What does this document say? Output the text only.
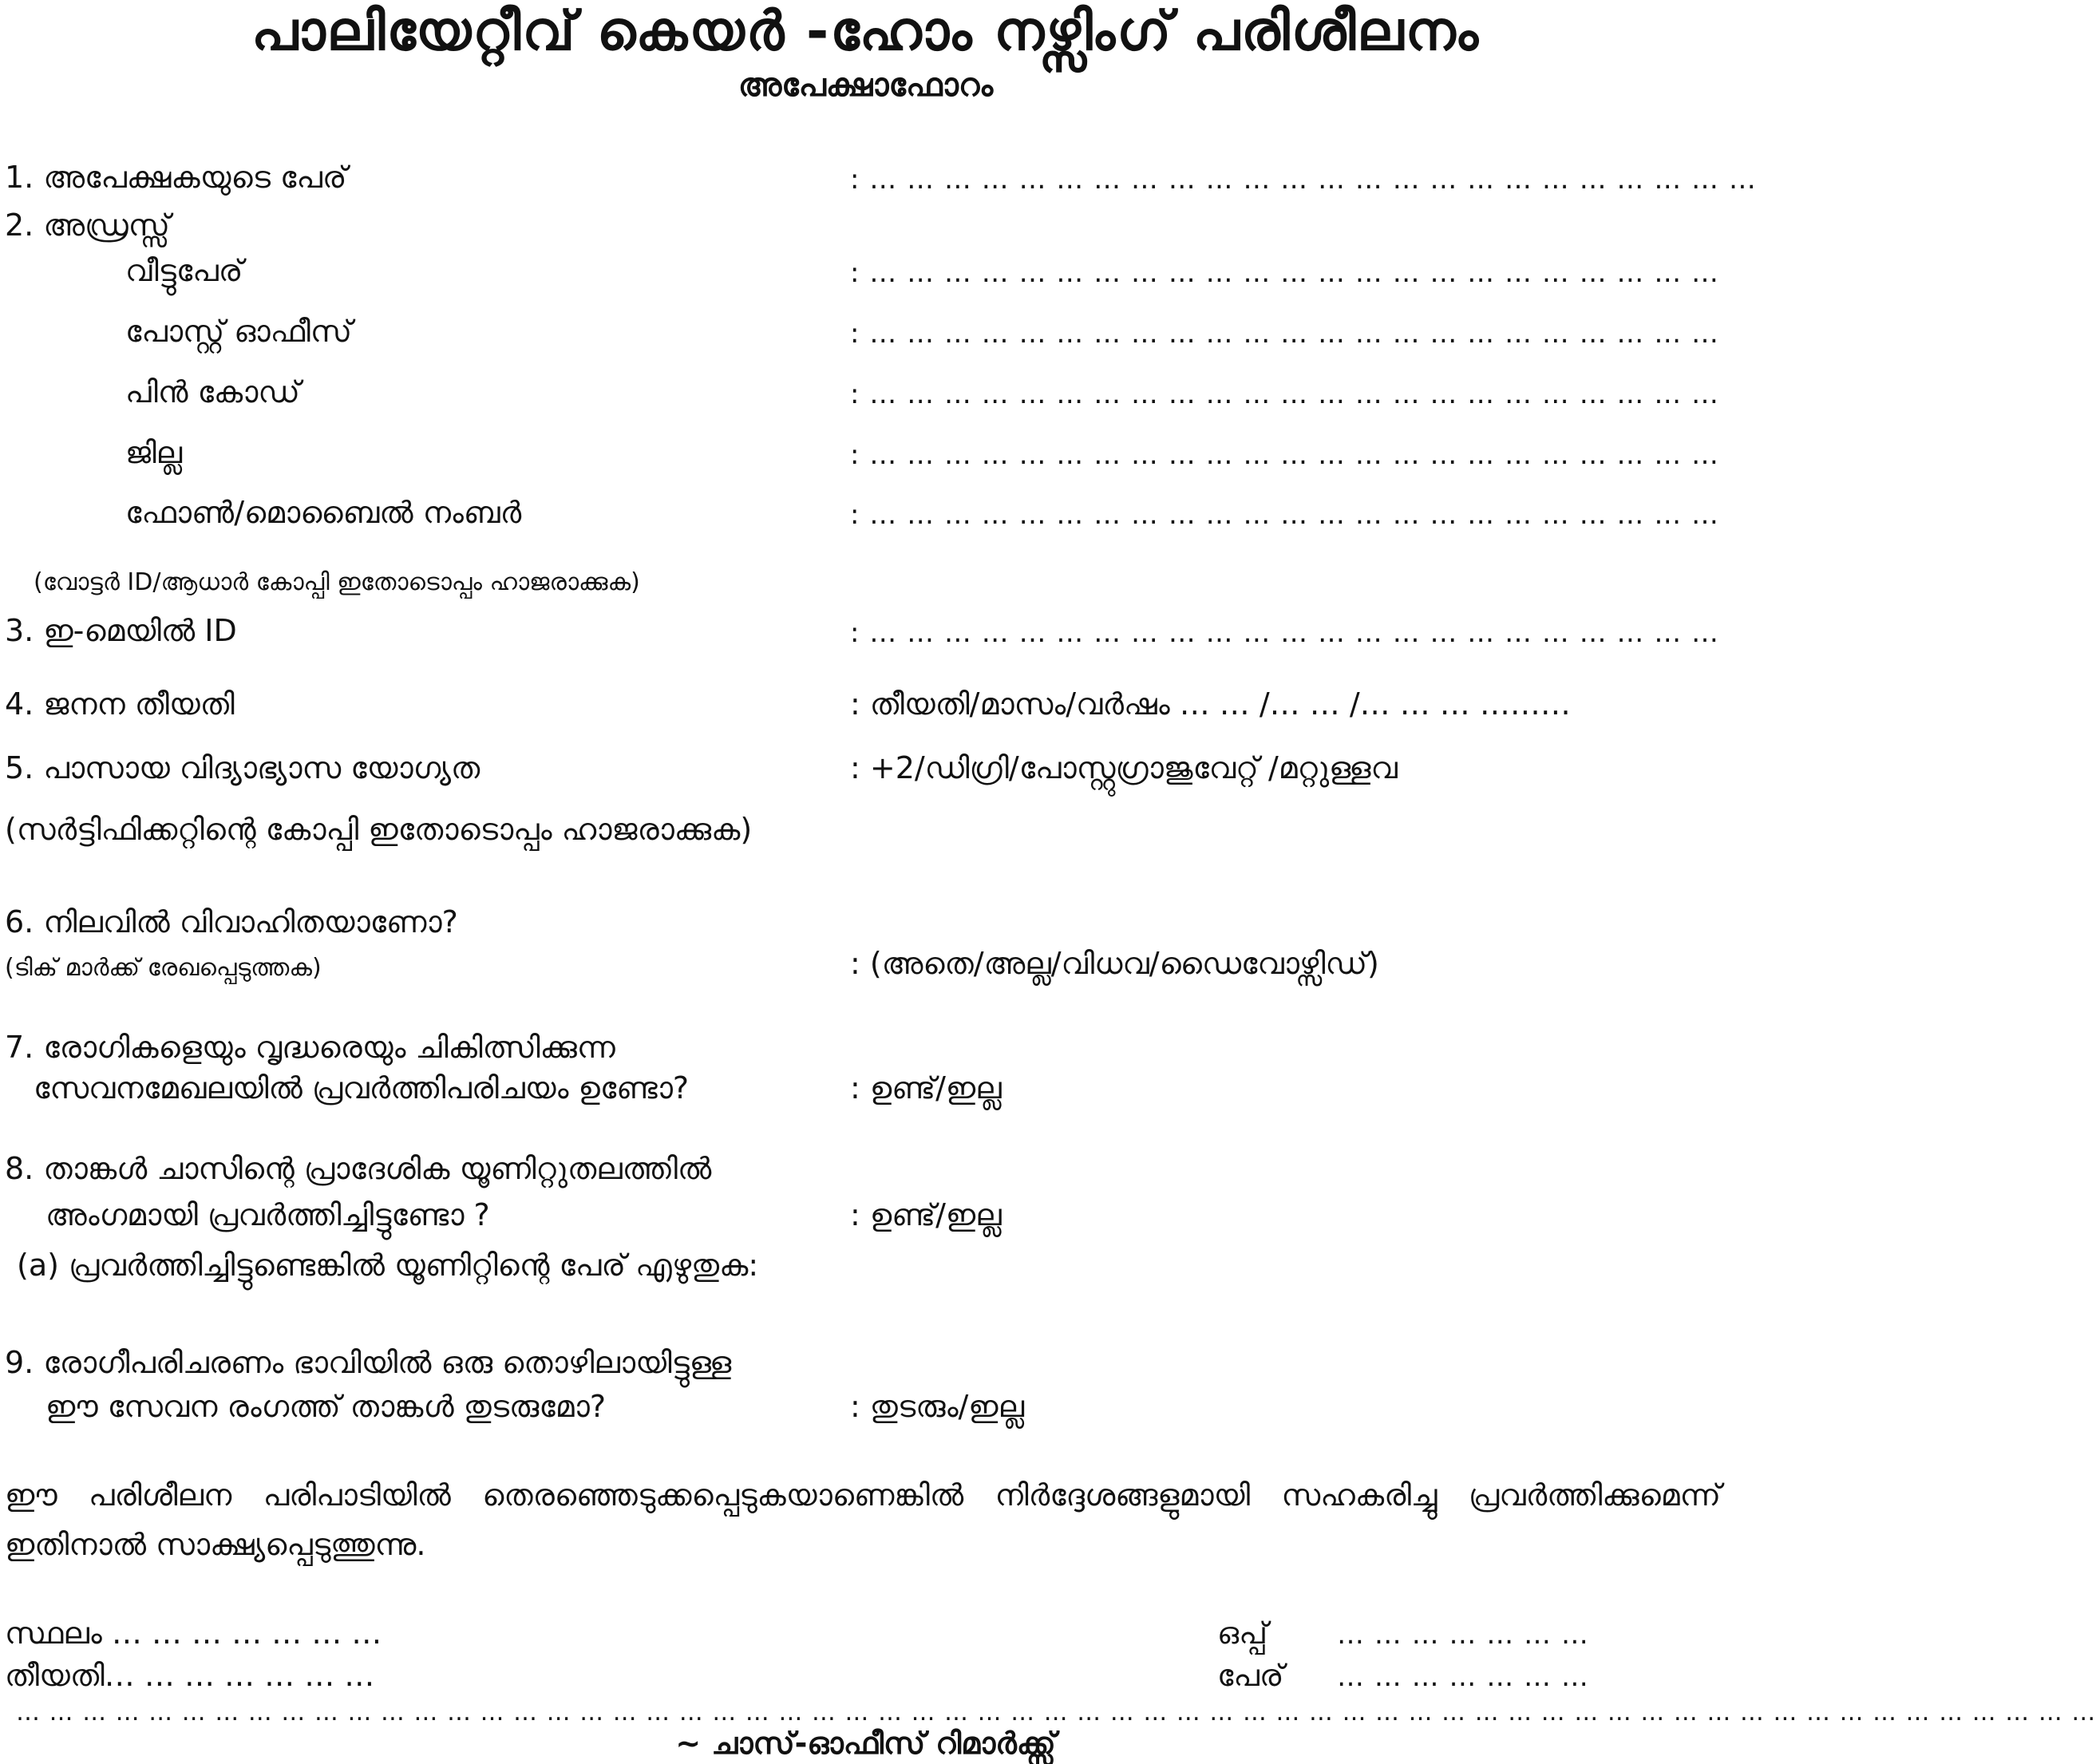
പാലിയേറ്റീവ് കെയർ -ഹോം നഴ്സിംഗ് പരിശീലനം
അപേക്ഷാഫോറം
1. അപേക്ഷകയുടെ പേര്	: … … … … … … … … … … … … … … … … … … … … … … … …
2. അഡ്രസ്സ്
വീട്ടുപേര്	: … … … … … … … … … … … … … … … … … … … … … … …
പോസ്റ്റ് ഓഫീസ്	: … … … … … … … … … … … … … … … … … … … … … … …
പിൻ കോഡ്	: … … … … … … … … … … … … … … … … … … … … … … …
ജില്ല	: … … … … … … … … … … … … … … … … … … … … … … …
ഫോൺ/മൊബൈൽ നംബർ	: … … … … … … … … … … … … … … … … … … … … … … …
(വോട്ടർ ID/ആധാർ കോപ്പി ഇതോടൊപ്പം ഹാജരാക്കുക)
3. ഇ-മെയിൽ ID	: … … … … … … … … … … … … … … … … … … … … … … …
4. ജനന തീയതി	: തീയതി/മാസം/വർഷം … … /… … /… … … ………
5. പാസായ വിദ്യാഭ്യാസ യോഗ്യത	: +2/ഡിഗ്രി/പോസ്റ്റുഗ്രാജുവേറ്റ് /മറ്റുള്ളവ
(സർട്ടിഫിക്കറ്റിന്റെ കോപ്പി ഇതോടൊപ്പം ഹാജരാക്കുക)
6. നിലവിൽ വിവാഹിതയാണോ?
(ടിക് മാർക്ക് രേഖപ്പെടുത്തക)	: (അതെ/അല്ല/വിധവ/ഡൈവോഴ്സിഡ്)
7. രോഗികളെയും വൃദ്ധരെയും ചികിത്സിക്കുന്ന
സേവനമേഖലയിൽ പ്രവർത്തിപരിചയം ഉണ്ടോ?	: ഉണ്ട്/ഇല്ല
8. താങ്കൾ ചാസിന്റെ പ്രാദേശിക യൂണിറ്റുതലത്തിൽ
അംഗമായി പ്രവർത്തിച്ചിട്ടുണ്ടോ ?	: ഉണ്ട്/ഇല്ല
(a) പ്രവർത്തിച്ചിട്ടുണ്ടെങ്കിൽ യൂണിറ്റിന്റെ പേര് എഴുതുക:
9. രോഗീപരിചരണം ഭാവിയിൽ ഒരു തൊഴിലായിട്ടുള്ള
ഈ സേവന രംഗത്ത് താങ്കൾ തുടരുമോ?	: തുടരും/ഇല്ല
ഈ പരിശീലന പരിപാടിയിൽ തെരഞ്ഞെടുക്കപ്പെടുകയാണെങ്കിൽ നിർദ്ദേശങ്ങളുമായി സഹകരിച്ചു പ്രവർത്തിക്കുമെന്ന് ഇതിനാൽ സാക്ഷ്യപ്പെടുത്തുന്നു.
സ്ഥലം … … … … … … …
തീയതി… … … … … … …
ഒപ്പ്	… … … … … … …
പേര് … … … … … … …
… … … … … … … … … … … … … … … … … … … … … … … … … … … … … … … … … … … … … … … … … … … … … … … … … … … … … … … … … … … … … … …
~ ചാസ്-ഓഫീസ് റിമാർക്ക്സ്
